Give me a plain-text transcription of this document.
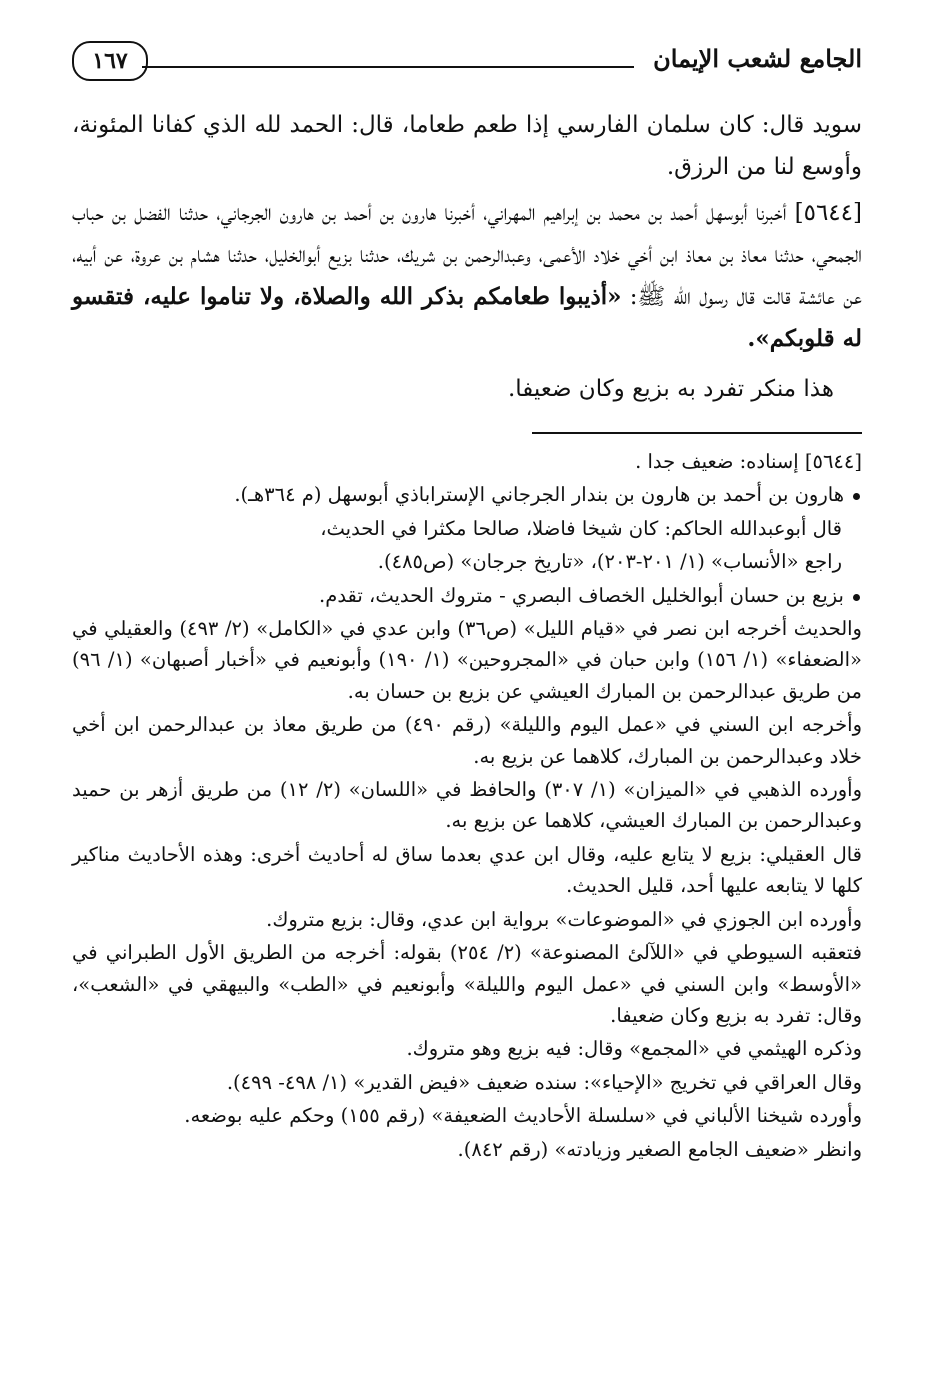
الجامع لشعب الإيمان
١٦٧

سويد قال: كان سلمان الفارسي إذا طعم طعاما، قال: الحمد لله الذي كفانا المئونة، وأوسع لنا من الرزق.

[٥٦٤٤] أخبرنا أبوسهل أحمد بن محمد بن إبراهيم المهراني، أخبرنا هارون بن أحمد بن هارون الجرجاني، حدثنا الفضل بن حباب الجمحي، حدثنا معاذ بن معاذ ابن أخي خلاد الأعمى، وعبدالرحمن بن شريك، حدثنا بزيع أبوالخليل، حدثنا هشام بن عروة، عن أبيه، عن عائشة قالت قال رسول الله ﷺ: «أذيبوا طعامكم بذكر الله والصلاة، ولا تناموا عليه، فتقسو له قلوبكم».

هذا منكر تفرد به بزيع وكان ضعيفا.

[٥٦٤٤] إسناده: ضعيف جدا .

هارون بن أحمد بن هارون بن بندار الجرجاني الإستراباذي أبوسهل (م ٣٦٤هـ).

قال أبوعبدالله الحاكم: كان شيخا فاضلا، صالحا مكثرا في الحديث،

راجع «الأنساب» (١/ ٢٠١-٢٠٣)، «تاريخ جرجان» (ص٤٨٥).

بزيع بن حسان أبوالخليل الخصاف البصري - متروك الحديث، تقدم.

والحديث أخرجه ابن نصر في «قيام الليل» (ص٣٦) وابن عدي في «الكامل» (٢/ ٤٩٣) والعقيلي في «الضعفاء» (١/ ١٥٦) وابن حبان في «المجروحين» (١/ ١٩٠) وأبونعيم في «أخبار أصبهان» (١/ ٩٦) من طريق عبدالرحمن بن المبارك العيشي عن بزيع بن حسان به.

وأخرجه ابن السني في «عمل اليوم والليلة» (رقم ٤٩٠) من طريق معاذ بن عبدالرحمن ابن أخي خلاد وعبدالرحمن بن المبارك، كلاهما عن بزيع به.

وأورده الذهبي في «الميزان» (١/ ٣٠٧) والحافظ في «اللسان» (٢/ ١٢) من طريق أزهر بن حميد وعبدالرحمن بن المبارك العيشي، كلاهما عن بزيع به.

قال العقيلي: بزيع لا يتابع عليه، وقال ابن عدي بعدما ساق له أحاديث أخرى: وهذه الأحاديث مناكير كلها لا يتابعه عليها أحد، قليل الحديث.

وأورده ابن الجوزي في «الموضوعات» برواية ابن عدي، وقال: بزيع متروك.

فتعقبه السيوطي في «اللآلئ المصنوعة» (٢/ ٢٥٤) بقوله: أخرجه من الطريق الأول الطبراني في «الأوسط» وابن السني في «عمل اليوم والليلة» وأبونعيم في «الطب» والبيهقي في «الشعب»، وقال: تفرد به بزيع وكان ضعيفا.

وذكره الهيثمي في «المجمع» وقال: فيه بزيع وهو متروك.

وقال العراقي في تخريج «الإحياء»: سنده ضعيف «فيض القدير» (١/ ٤٩٨- ٤٩٩).

وأورده شيخنا الألباني في «سلسلة الأحاديث الضعيفة» (رقم ١٥٥) وحكم عليه بوضعه.

وانظر «ضعيف الجامع الصغير وزيادته» (رقم ٨٤٢).
